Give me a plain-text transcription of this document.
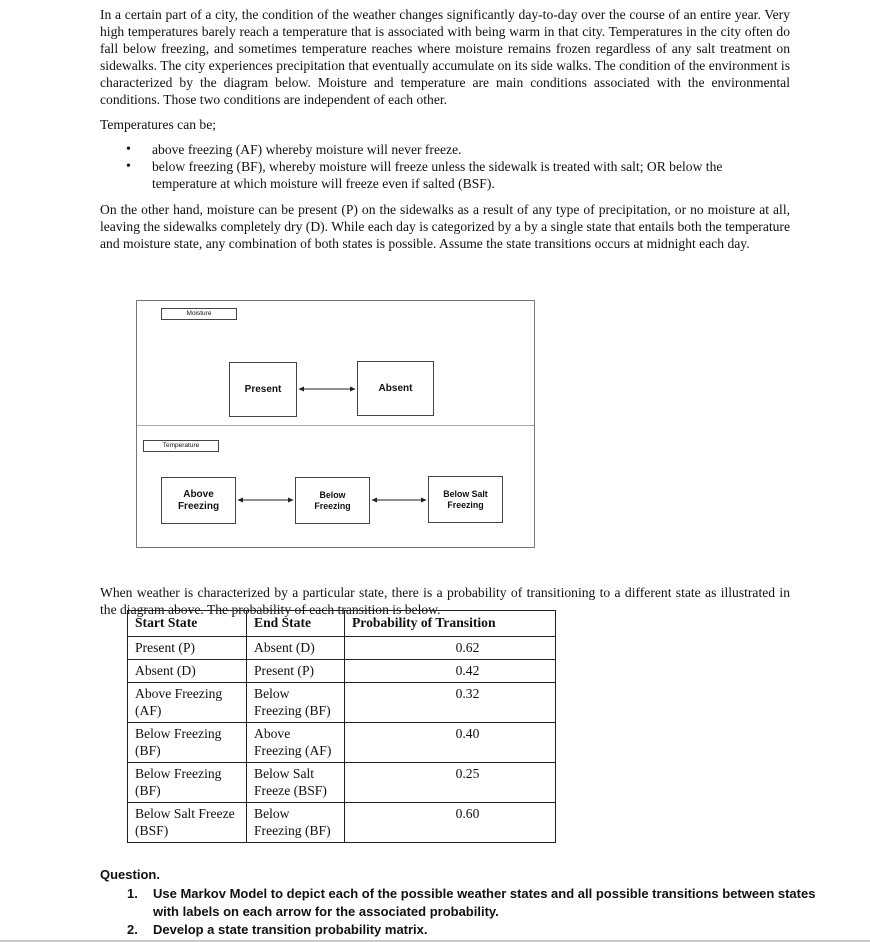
In a certain part of a city, the condition of the weather changes significantly day-to-day over the course of an entire year. Very high temperatures barely reach a temperature that is associated with being warm in that city. Temperatures in the city often do fall below freezing, and sometimes temperature reaches where moisture remains frozen regardless of any salt treatment on sidewalks. The city experiences precipitation that eventually accumulate on its side walks. The condition of the environment is characterized by the diagram below. Moisture and temperature are main conditions associated with the environmental conditions. Those two conditions are independent of each other.

Temperatures can be;

• above freezing (AF) whereby moisture will never freeze.
• below freezing (BF), whereby moisture will freeze unless the sidewalk is treated with salt; OR below the temperature at which moisture will freeze even if salted (BSF).

On the other hand, moisture can be present (P) on the sidewalks as a result of any type of precipitation, or no moisture at all, leaving the sidewalks completely dry (D). While each day is categorized by a by a single state that entails both the temperature and moisture state, any combination of both states is possible. Assume the state transitions occurs at midnight each day.

Moisture
Temperature
Present	Absent
Above
Freezing
Below
Freezing
Below Salt
Freezing

When weather is characterized by a particular state, there is a probability of transitioning to a different state as illustrated in the diagram above. The probability of each transition is below.

Start State	End State	Probability of Transition
Present (P)	Absent (D)	0.62
Absent (D)	Present (P)	0.42
Above Freezing (AF)	Below Freezing (BF)	0.32
Below Freezing (BF)	Above Freezing (AF)	0.40
Below Freezing (BF)	Below Salt Freeze (BSF)	0.25
Below Salt Freeze (BSF)	Below Freezing (BF)	0.60
Question.
1. Use Markov Model to depict each of the possible weather states and all possible transitions between states with labels on each arrow for the associated probability.
2. Develop a state transition probability matrix.
